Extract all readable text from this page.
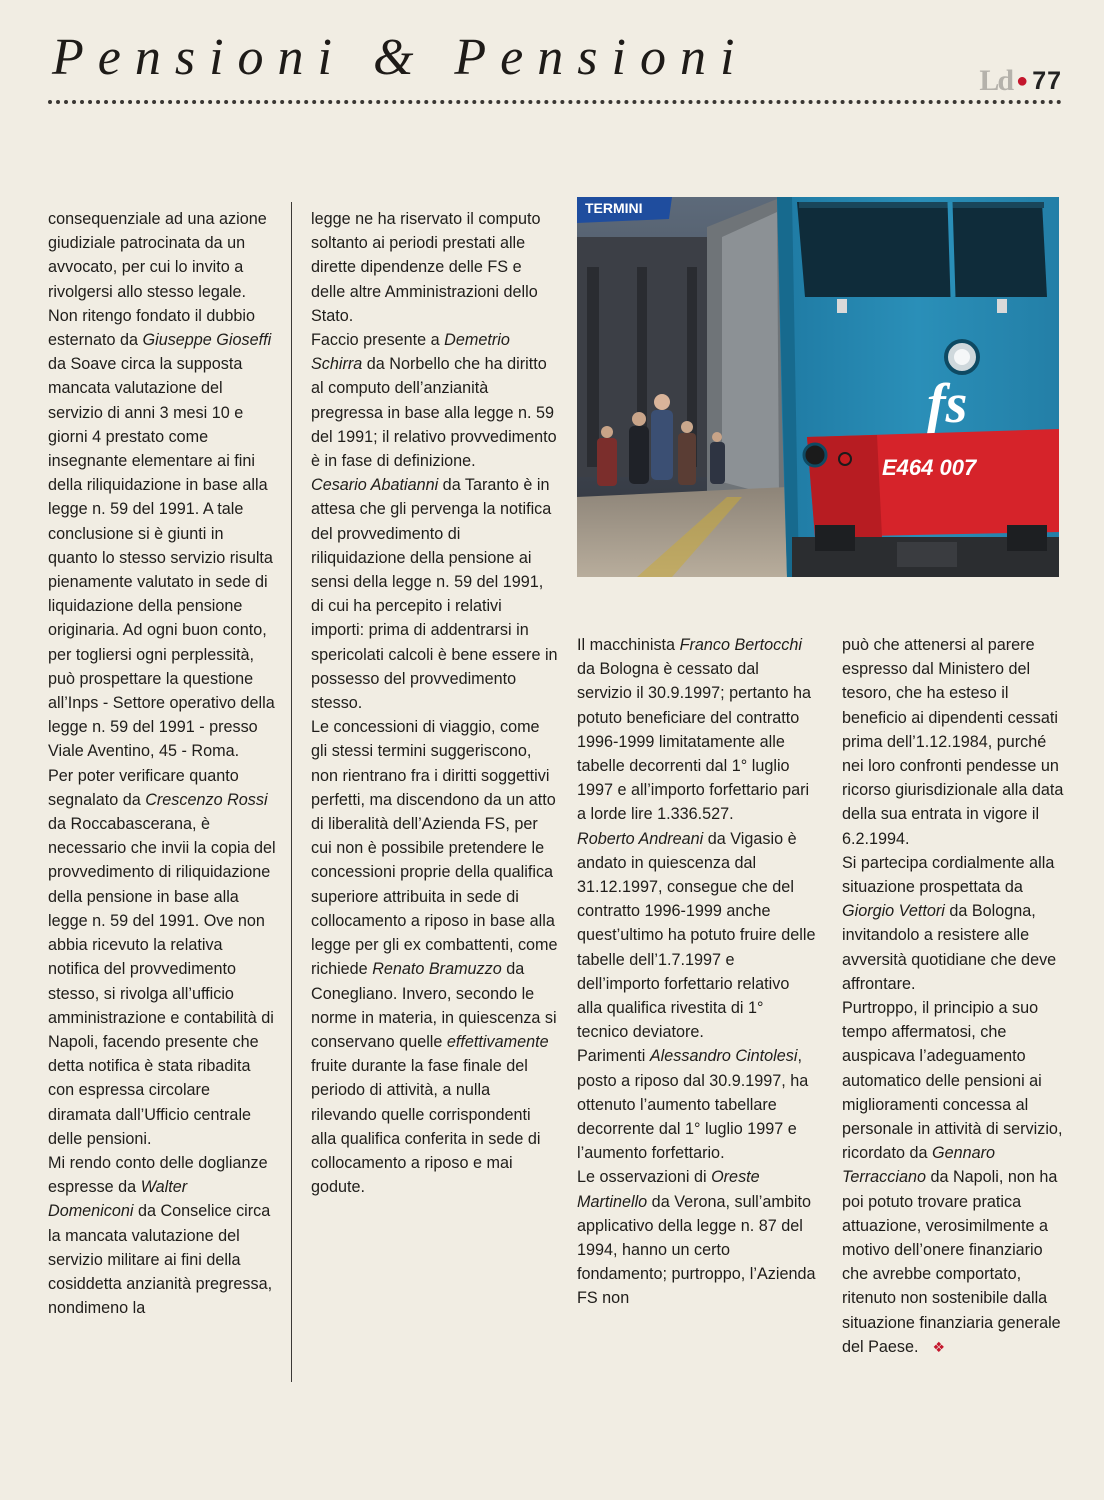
Pensioni & Pensioni	Ld ● 77

consequenziale ad una azione giudiziale patrocinata da un avvocato, per cui lo invito a rivolgersi allo stesso legale. Non ritengo fondato il dubbio esternato da Giuseppe Gioseffi da Soave circa la supposta mancata valutazione del servizio di anni 3 mesi 10 e giorni 4 prestato come insegnante elementare ai fini della riliquidazione in base alla legge n. 59 del 1991. A tale conclusione si è giunti in quanto lo stesso servizio risulta pienamente valutato in sede di liquidazione della pensione originaria. Ad ogni buon conto, per togliersi ogni perplessità, può prospettare la questione all’Inps - Settore operativo della legge n. 59 del 1991 - presso Viale Aventino, 45 - Roma.

Per poter verificare quanto segnalato da Crescenzo Rossi da Roccabascerana, è necessario che invii la copia del provvedimento di riliquidazione della pensione in base alla legge n. 59 del 1991. Ove non abbia ricevuto la relativa notifica del provvedimento stesso, si rivolga all’ufficio amministrazione e contabilità di Napoli, facendo presente che detta notifica è stata ribadita con espressa circolare diramata dall’Ufficio centrale delle pensioni.

Mi rendo conto delle doglianze espresse da Walter Domeniconi da Conselice circa la mancata valutazione del servizio militare ai fini della cosiddetta anzianità pregressa, nondimeno la

legge ne ha riservato il computo soltanto ai periodi prestati alle dirette dipendenze delle FS e delle altre Amministrazioni dello Stato.

Faccio presente a Demetrio Schirra da Norbello che ha diritto al computo dell’anzianità pregressa in base alla legge n. 59 del 1991; il relativo provvedimento è in fase di definizione.

Cesario Abatianni da Taranto è in attesa che gli pervenga la notifica del provvedimento di riliquidazione della pensione ai sensi della legge n. 59 del 1991, di cui ha percepito i relativi importi: prima di addentrarsi in spericolati calcoli è bene essere in possesso del provvedimento stesso.

Le concessioni di viaggio, come gli stessi termini suggeriscono, non rientrano fra i diritti soggettivi perfetti, ma discendono da un atto di liberalità dell’Azienda FS, per cui non è possibile pretendere le concessioni proprie della qualifica superiore attribuita in sede di collocamento a riposo in base alla legge per gli ex combattenti, come richiede Renato Bramuzzo da Conegliano. Invero, secondo le norme in materia, in quiescenza si conservano quelle effettivamente fruite durante la fase finale del periodo di attività, a nulla rilevando quelle corrispondenti alla qualifica conferita in sede di collocamento a riposo e mai godute.

TERMINI
fs
E464 007

Il macchinista Franco Bertocchi da Bologna è cessato dal servizio il 30.9.1997; pertanto ha potuto beneficiare del contratto 1996-1999 limitatamente alle tabelle decorrenti dal 1° luglio 1997 e all’importo forfettario pari a lorde lire 1.336.527.

Roberto Andreani da Vigasio è andato in quiescenza dal 31.12.1997, consegue che del contratto 1996-1999 anche quest’ultimo ha potuto fruire delle tabelle dell’1.7.1997 e dell’importo forfettario relativo alla qualifica rivestita di 1° tecnico deviatore.

Parimenti Alessandro Cintolesi, posto a riposo dal 30.9.1997, ha ottenuto l’aumento tabellare decorrente dal 1° luglio 1997 e l’aumento forfettario.

Le osservazioni di Oreste Martinello da Verona, sull’ambito applicativo della legge n. 87 del 1994, hanno un certo fondamento; purtroppo, l’Azienda FS non

può che attenersi al parere espresso dal Ministero del tesoro, che ha esteso il beneficio ai dipendenti cessati prima dell’1.12.1984, purché nei loro confronti pendesse un ricorso giurisdizionale alla data della sua entrata in vigore il 6.2.1994.

Si partecipa cordialmente alla situazione prospettata da Giorgio Vettori da Bologna, invitandolo a resistere alle avversità quotidiane che deve affrontare.

Purtroppo, il principio a suo tempo affermatosi, che auspicava l’adeguamento automatico delle pensioni ai miglioramenti concessa al personale in attività di servizio, ricordato da Gennaro Terracciano da Napoli, non ha poi potuto trovare pratica attuazione, verosimilmente a motivo dell’onere finanziario che avrebbe comportato, ritenuto non sostenibile dalla situazione finanziaria generale del Paese. ❖
